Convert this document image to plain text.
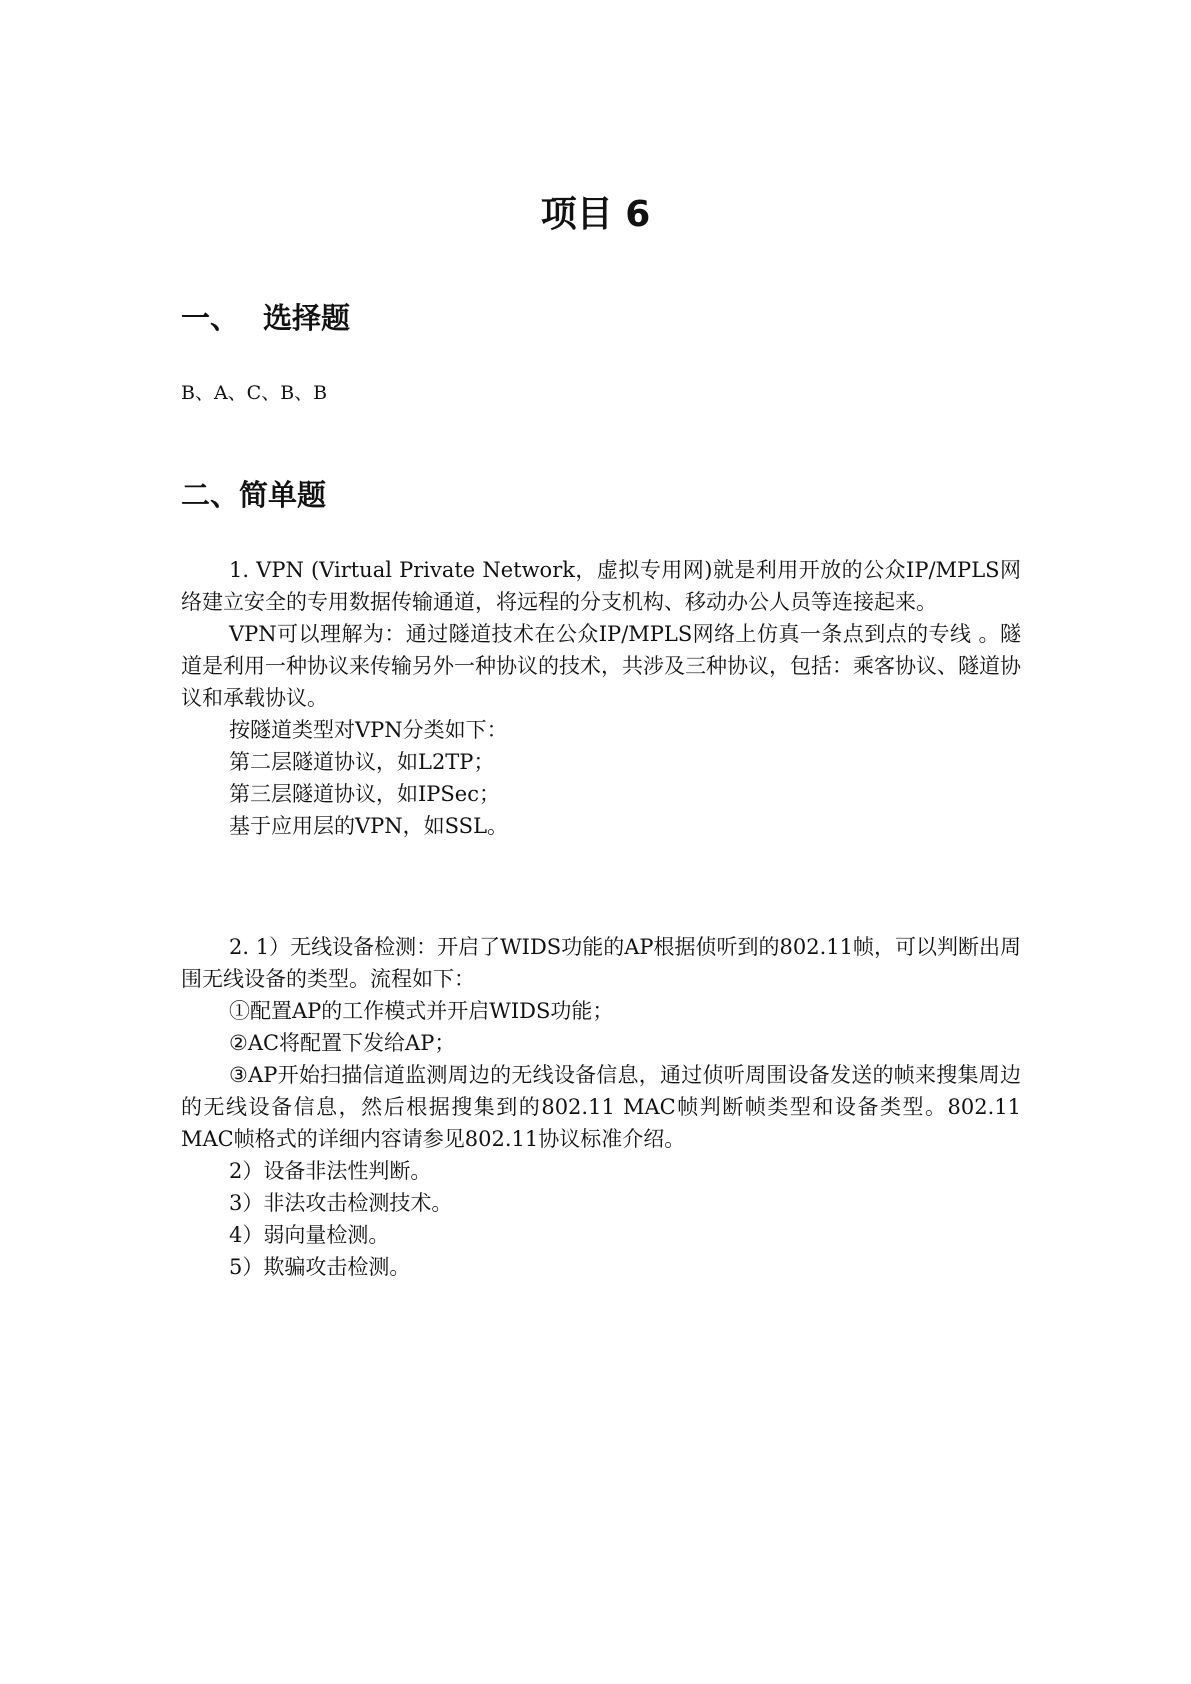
项目 6
一、 选择题

B、A、C、B、B

二、简单题

1. VPN (Virtual Private Network，虚拟专用网)就是利用开放的公众IP/MPLS网络建立安全的专用数据传输通道，将远程的分支机构、移动办公人员等连接起来。

VPN可以理解为：通过隧道技术在公众IP/MPLS网络上仿真一条点到点的专线 。隧道是利用一种协议来传输另外一种协议的技术，共涉及三种协议，包括：乘客协议、隧道协议和承载协议。

按隧道类型对VPN分类如下：

第二层隧道协议，如L2TP；

第三层隧道协议，如IPSec；

基于应用层的VPN，如SSL。

2. 1）无线设备检测：开启了WIDS功能的AP根据侦听到的802.11帧，可以判断出周围无线设备的类型。流程如下：

①配置AP的工作模式并开启WIDS功能；

②AC将配置下发给AP；

③AP开始扫描信道监测周边的无线设备信息，通过侦听周围设备发送的帧来搜集周边的无线设备信息，然后根据搜集到的802.11 MAC帧判断帧类型和设备类型。802.11 MAC帧格式的详细内容请参见802.11协议标准介绍。

2）设备非法性判断。

3）非法攻击检测技术。

4）弱向量检测。

5）欺骗攻击检测。
